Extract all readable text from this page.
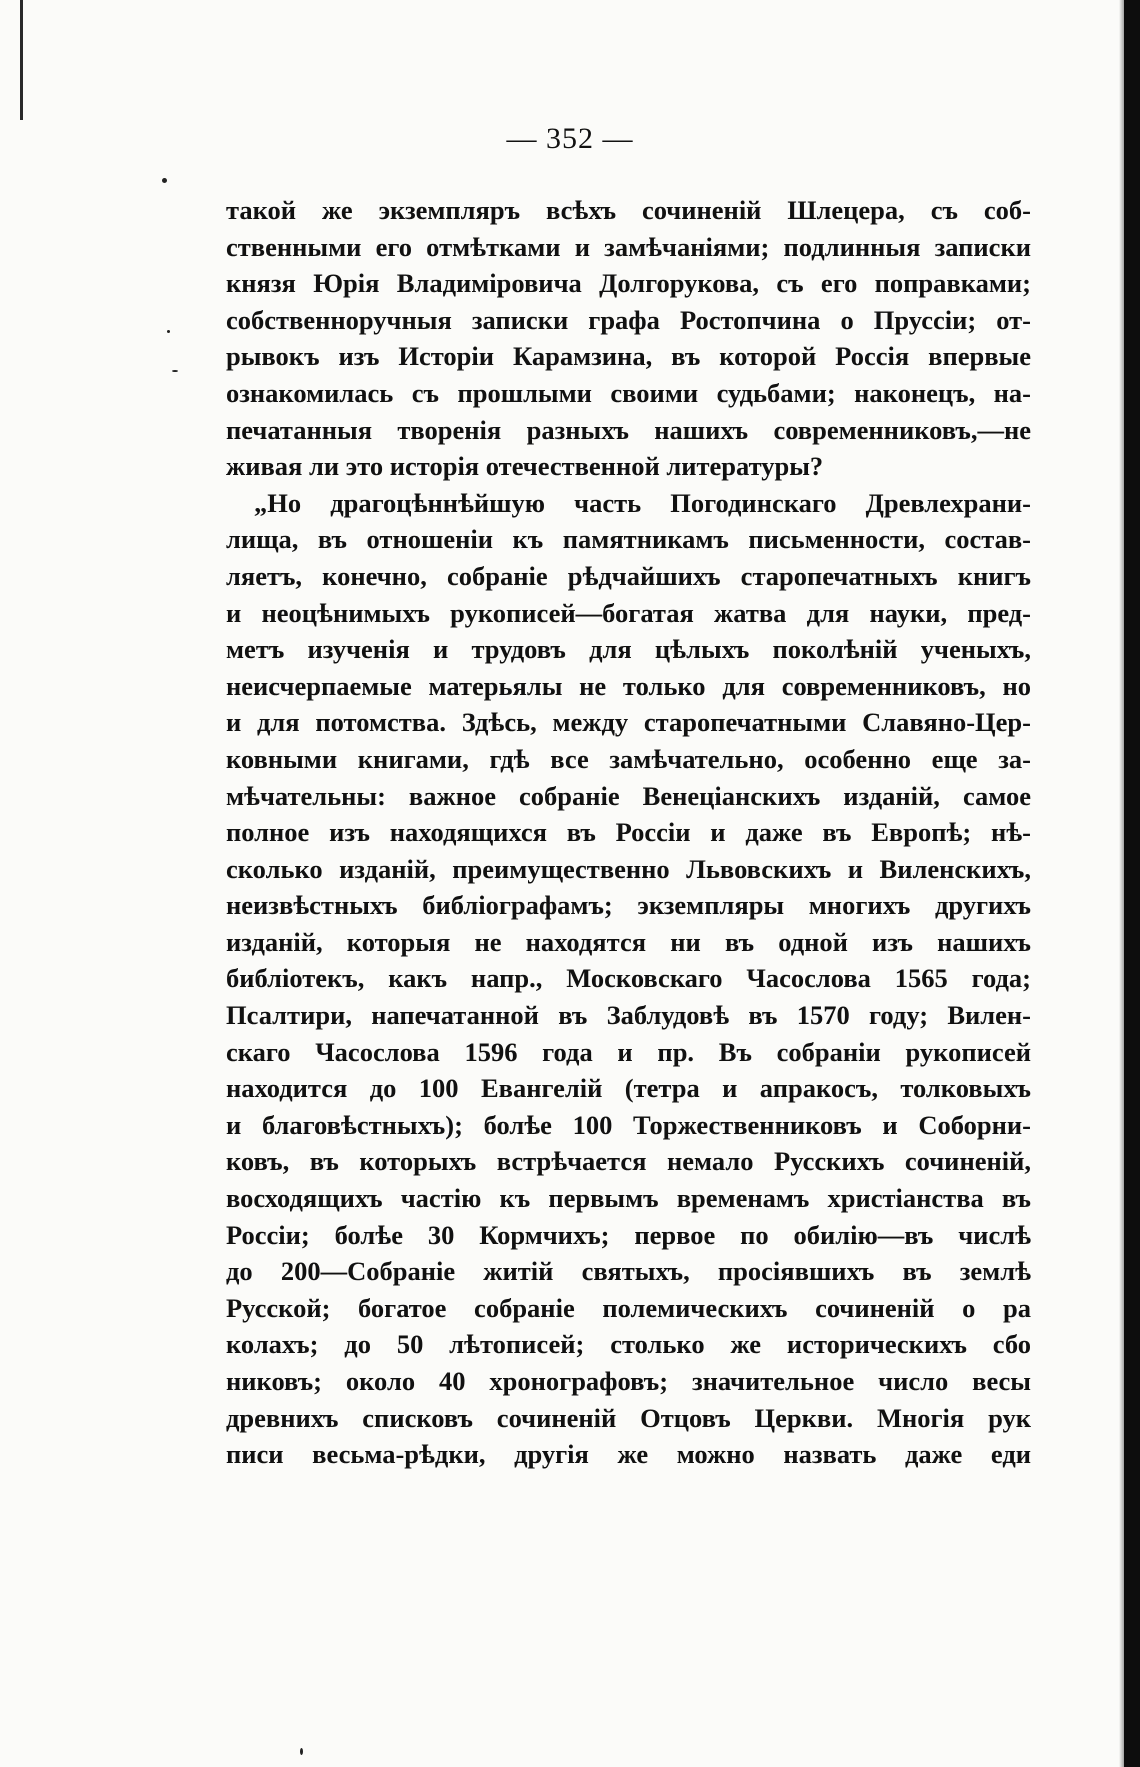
— 352 —
такой же экземпляръ всѣхъ сочиненій Шлецера, съ соб-
ственными его отмѣтками и замѣчаніями; подлинныя записки
князя Юрія Владиміровича Долгорукова, съ его поправками;
собственноручныя записки графа Ростопчина о Пруссіи; от-
рывокъ изъ Исторіи Карамзина, въ которой Россія впервые
ознакомилась съ прошлыми своими судьбами; наконецъ, на-
печатанныя творенія разныхъ нашихъ современниковъ,—не
живая ли это исторія отечественной литературы?
„Но драгоцѣннѣйшую часть Погодинскаго Древлехрани-
лища, въ отношеніи къ памятникамъ письменности, состав-
ляетъ, конечно, собраніе рѣдчайшихъ старопечатныхъ книгъ
и неоцѣнимыхъ рукописей—богатая жатва для науки, пред-
метъ изученія и трудовъ для цѣлыхъ поколѣній ученыхъ,
неисчерпаемые матерьялы не только для современниковъ, но
и для потомства. Здѣсь, между старопечатными Славяно-Цер-
ковными книгами, гдѣ все замѣчательно, особенно еще за-
мѣчательны: важное собраніе Венеціанскихъ изданій, самое
полное изъ находящихся въ Россіи и даже въ Европѣ; нѣ-
сколько изданій, преимущественно Львовскихъ и Виленскихъ,
неизвѣстныхъ библіографамъ; экземпляры многихъ другихъ
изданій, которыя не находятся ни въ одной изъ нашихъ
библіотекъ, какъ напр., Московскаго Часослова 1565 года;
Псалтири, напечатанной въ Заблудовѣ въ 1570 году; Вилен-
скаго Часослова 1596 года и пр. Въ собраніи рукописей
находится до 100 Евангелій (тетра и апракосъ, толковыхъ
и благовѣстныхъ); болѣе 100 Торжественниковъ и Соборни-
ковъ, въ которыхъ встрѣчается немало Русскихъ сочиненій,
восходящихъ частію къ первымъ временамъ христіанства въ
Россіи; болѣе 30 Кормчихъ; первое по обилію—въ числѣ
до 200—Собраніе житій святыхъ, просіявшихъ въ землѣ
Русской; богатое собраніе полемическихъ сочиненій о ра
колахъ; до 50 лѣтописей; столько же историческихъ сбо
никовъ; около 40 хронографовъ; значительное число весы
древнихъ списковъ сочиненій Отцовъ Церкви. Многія рук
писи весьма-рѣдки, другія же можно назвать даже еди
